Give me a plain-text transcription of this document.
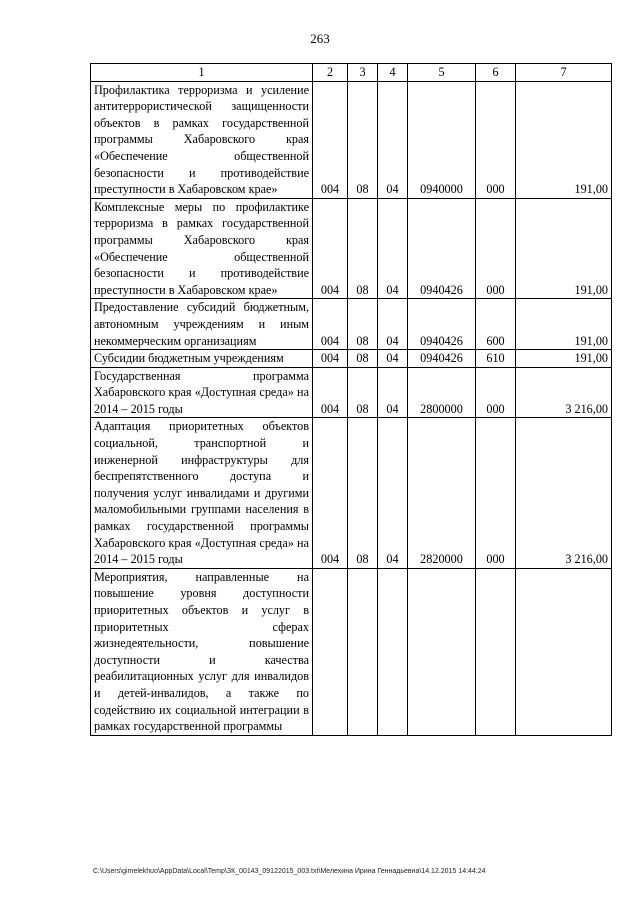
263
1	2	3	4	5	6	7
Профилактика терроризма и усиление антитеррористической защищенности объектов в рамках государственной программы Хабаровского края «Обеспечение общественной безопасности и противодействие преступности в Хабаровском крае»	004	08	04	0940000	000	191,00
Комплексные меры по профилактике терроризма в рамках государственной программы Хабаровского края «Обеспечение общественной безопасности и противодействие преступности в Хабаровском крае»	004	08	04	0940426	000	191,00
Предоставление субсидий бюджетным, автономным учреждениям и иным некоммерческим организациям	004	08	04	0940426	600	191,00
Субсидии бюджетным учреждениям	004	08	04	0940426	610	191,00
Государственная программа Хабаровского края «Доступная среда» на 2014 – 2015 годы	004	08	04	2800000	000	3 216,00
Адаптация приоритетных объектов социальной, транспортной и инженерной инфраструктуры для беспрепятственного доступа и получения услуг инвалидами и другими маломобильными группами населения в рамках государственной программы Хабаровского края «Доступная среда» на 2014 – 2015 годы	004	08	04	2820000	000	3 216,00
Мероприятия, направленные на повышение уровня доступности приоритетных объектов и услуг в приоритетных сферах жизнедеятельности, повышение доступности и качества реабилитационных услуг для инвалидов и детей-инвалидов, а также по содействию их социальной интеграции в рамках государственной программы						
C:\Users\gimelekhuo\AppData\Local\Temp\ЗК_00143_09122015_003.txt\Мелехина Ирина Геннадьевна\14.12.2015 14:44:24
